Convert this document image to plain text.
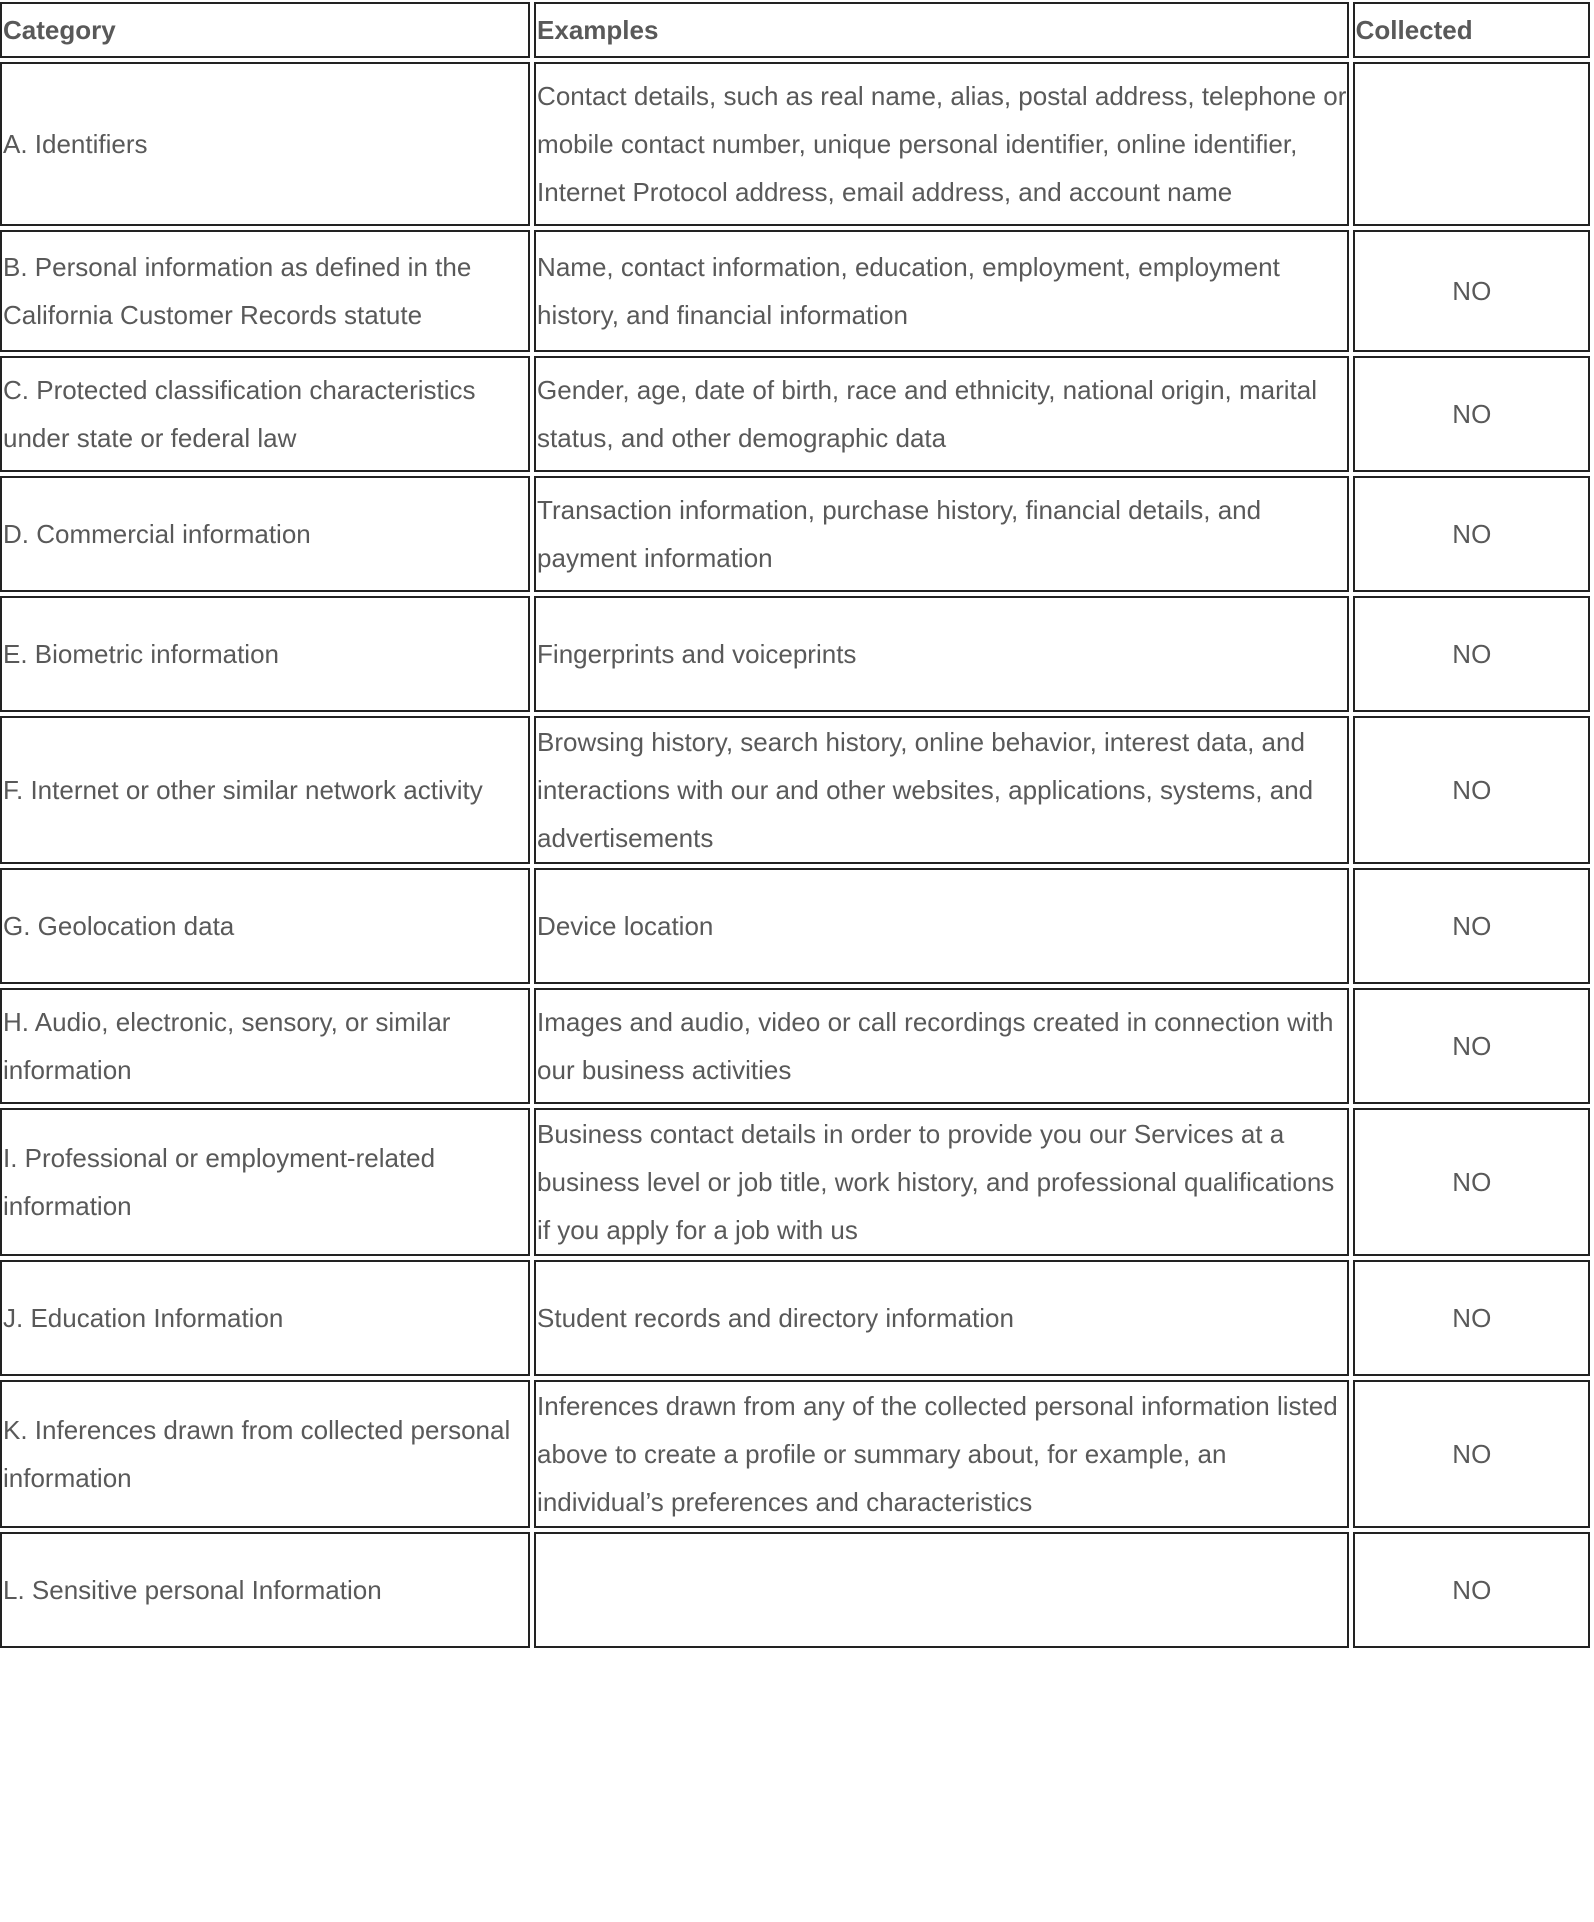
Category	Examples	Collected
A. Identifiers	Contact details, such as real name, alias, postal address, telephone or mobile contact number, unique personal identifier, online identifier, Internet Protocol address, email address, and account name	
B. Personal information as defined in the California Customer Records statute	Name, contact information, education, employment, employment history, and financial information	NO
C. Protected classification characteristics under state or federal law	Gender, age, date of birth, race and ethnicity, national origin, marital status, and other demographic data	NO
D. Commercial information	Transaction information, purchase history, financial details, and payment information	NO
E. Biometric information	Fingerprints and voiceprints	NO
F. Internet or other similar network activity	Browsing history, search history, online behavior, interest data, and interactions with our and other websites, applications, systems, and advertisements	NO
G. Geolocation data	Device location	NO
H. Audio, electronic, sensory, or similar information	Images and audio, video or call recordings created in connection with our business activities	NO
I. Professional or employment-related information	Business contact details in order to provide you our Services at a business level or job title, work history, and professional qualifications if you apply for a job with us	NO
J. Education Information	Student records and directory information	NO
K. Inferences drawn from collected personal information	Inferences drawn from any of the collected personal information listed above to create a profile or summary about, for example, an individual’s preferences and characteristics	NO
L. Sensitive personal Information		NO
